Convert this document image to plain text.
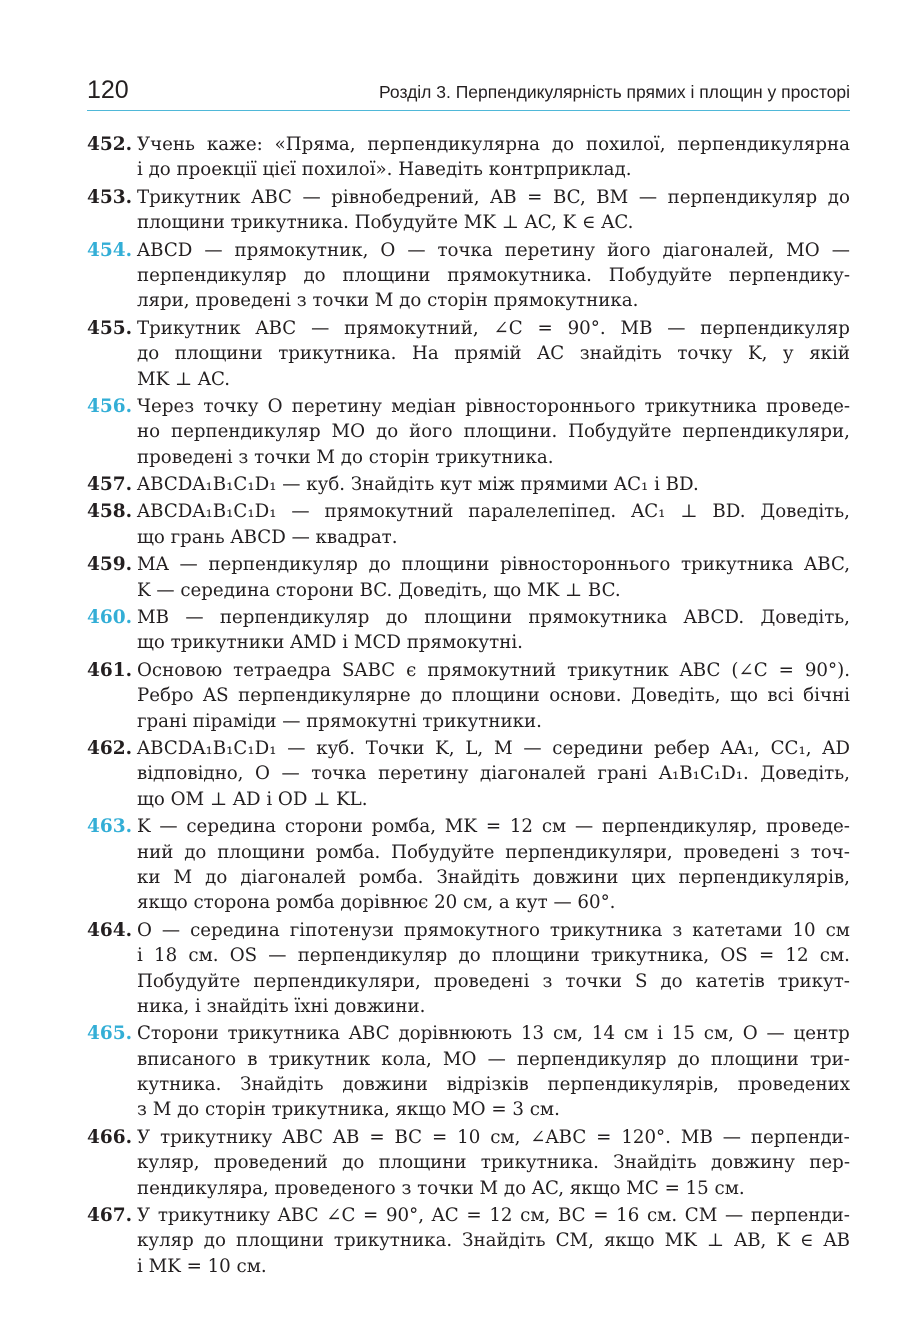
120	Розділ 3. Перпендикулярність прямих і площин у просторі
452. Учень каже: «Пряма, перпендикулярна до похилої, перпендикулярна
і до проекції цієї похилої». Наведіть контрприклад.
453. Трикутник ABC — рівнобедрений, AB = BC, BM — перпендикуляр до
площини трикутника. Побудуйте MK ⊥ AC, K ∈ AC.
454. ABCD — прямокутник, O — точка перетину його діагоналей, MO —
перпендикуляр до площини прямокутника. Побудуйте перпендику-
ляри, проведені з точки M до сторін прямокутника.
455. Трикутник ABC — прямокутний, ∠C = 90°. MB — перпендикуляр
до площини трикутника. На прямій AC знайдіть точку K, у якій
MK ⊥ AC.
456. Через точку O перетину медіан рівностороннього трикутника проведе-
но перпендикуляр MO до його площини. Побудуйте перпендикуляри,
проведені з точки M до сторін трикутника.
457. ABCDA₁B₁C₁D₁ — куб. Знайдіть кут між прямими AC₁ і BD.
458. ABCDA₁B₁C₁D₁ — прямокутний паралелепіпед. AC₁ ⊥ BD. Доведіть,
що грань ABCD — квадрат.
459. MA — перпендикуляр до площини рівностороннього трикутника ABC,
K — середина сторони BC. Доведіть, що MK ⊥ BC.
460. MB — перпендикуляр до площини прямокутника ABCD. Доведіть,
що трикутники AMD і MCD прямокутні.
461. Основою тетраедра SABC є прямокутний трикутник ABC (∠C = 90°).
Ребро AS перпендикулярне до площини основи. Доведіть, що всі бічні
грані піраміди — прямокутні трикутники.
462. ABCDA₁B₁C₁D₁ — куб. Точки K, L, M — середини ребер AA₁, CC₁, AD
відповідно, O — точка перетину діагоналей грані A₁B₁C₁D₁. Доведіть,
що OM ⊥ AD і OD ⊥ KL.
463. K — середина сторони ромба, MK = 12 см — перпендикуляр, проведе-
ний до площини ромба. Побудуйте перпендикуляри, проведені з точ-
ки M до діагоналей ромба. Знайдіть довжини цих перпендикулярів,
якщо сторона ромба дорівнює 20 см, а кут — 60°.
464. O — середина гіпотенузи прямокутного трикутника з катетами 10 см
і 18 см. OS — перпендикуляр до площини трикутника, OS = 12 см.
Побудуйте перпендикуляри, проведені з точки S до катетів трикут-
ника, і знайдіть їхні довжини.
465. Сторони трикутника ABC дорівнюють 13 см, 14 см і 15 см, O — центр
вписаного в трикутник кола, MO — перпендикуляр до площини три-
кутника. Знайдіть довжини відрізків перпендикулярів, проведених
з M до сторін трикутника, якщо MO = 3 см.
466. У трикутнику ABC AB = BC = 10 см, ∠ABC = 120°. MB — перпенди-
куляр, проведений до площини трикутника. Знайдіть довжину пер-
пендикуляра, проведеного з точки M до AC, якщо MC = 15 см.
467. У трикутнику ABC ∠C = 90°, AC = 12 см, BC = 16 см. CM — перпенди-
куляр до площини трикутника. Знайдіть CM, якщо MK ⊥ AB, K ∈ AB
і MK = 10 см.
